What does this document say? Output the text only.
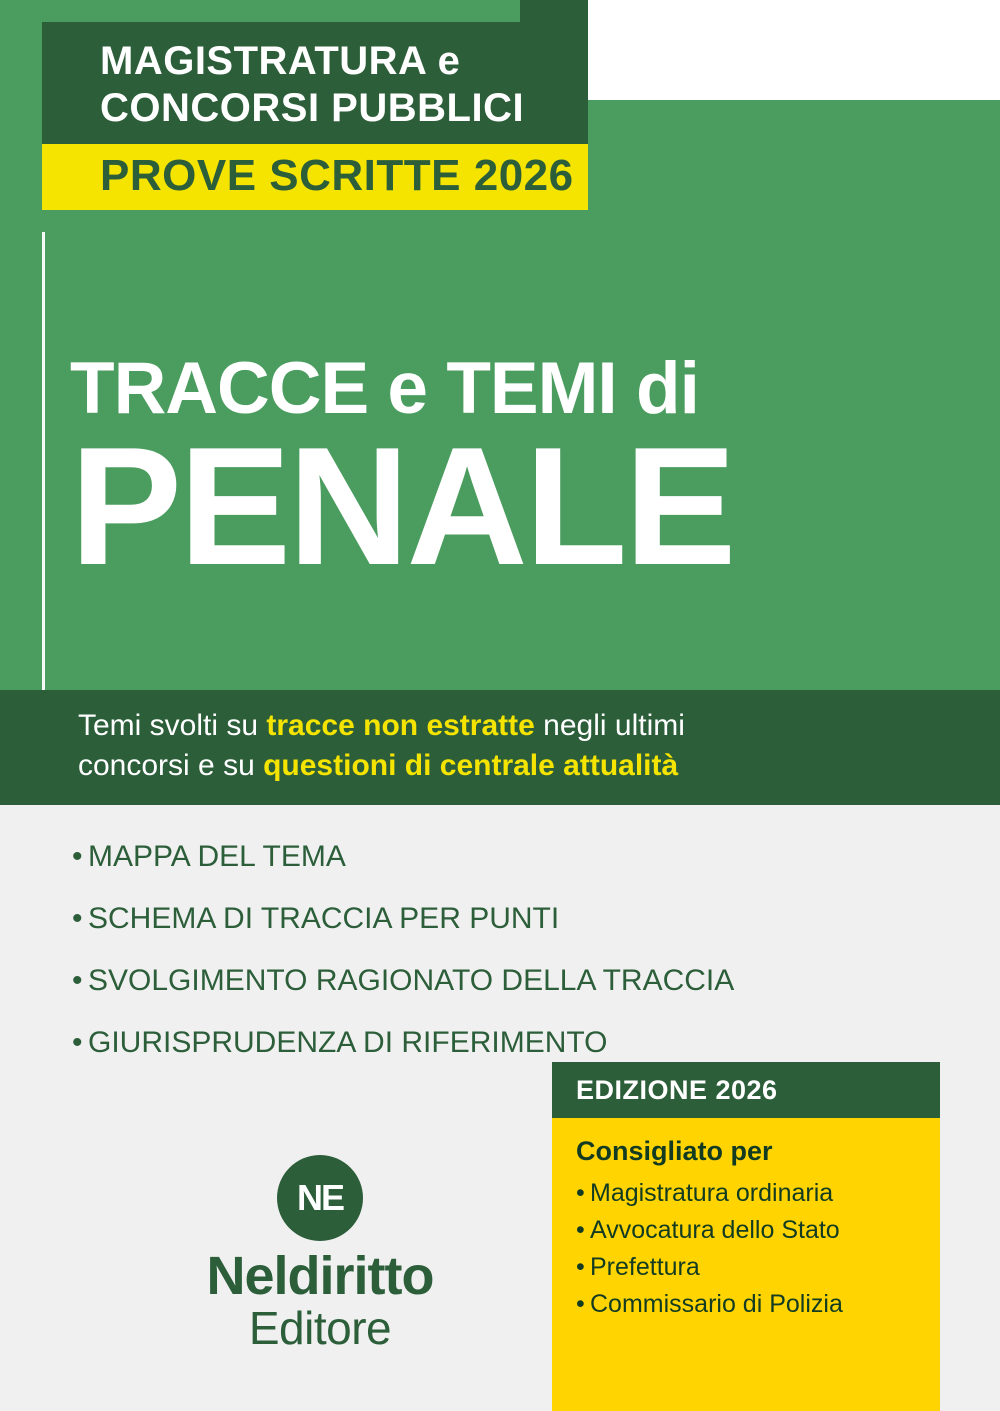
MAGISTRATURA e
CONCORSI PUBBLICI
PROVE SCRITTE 2026
TRACCE e TEMI di
PENALE
Temi svolti su tracce non estratte negli ultimi
concorsi e su questioni di centrale attualità
• MAPPA DEL TEMA
• SCHEMA DI TRACCIA PER PUNTI
• SVOLGIMENTO RAGIONATO DELLA TRACCIA
• GIURISPRUDENZA DI RIFERIMENTO
NE
Neldiritto
Editore
EDIZIONE 2026
Consigliato per
• Magistratura ordinaria
• Avvocatura dello Stato
• Prefettura
• Commissario di Polizia
